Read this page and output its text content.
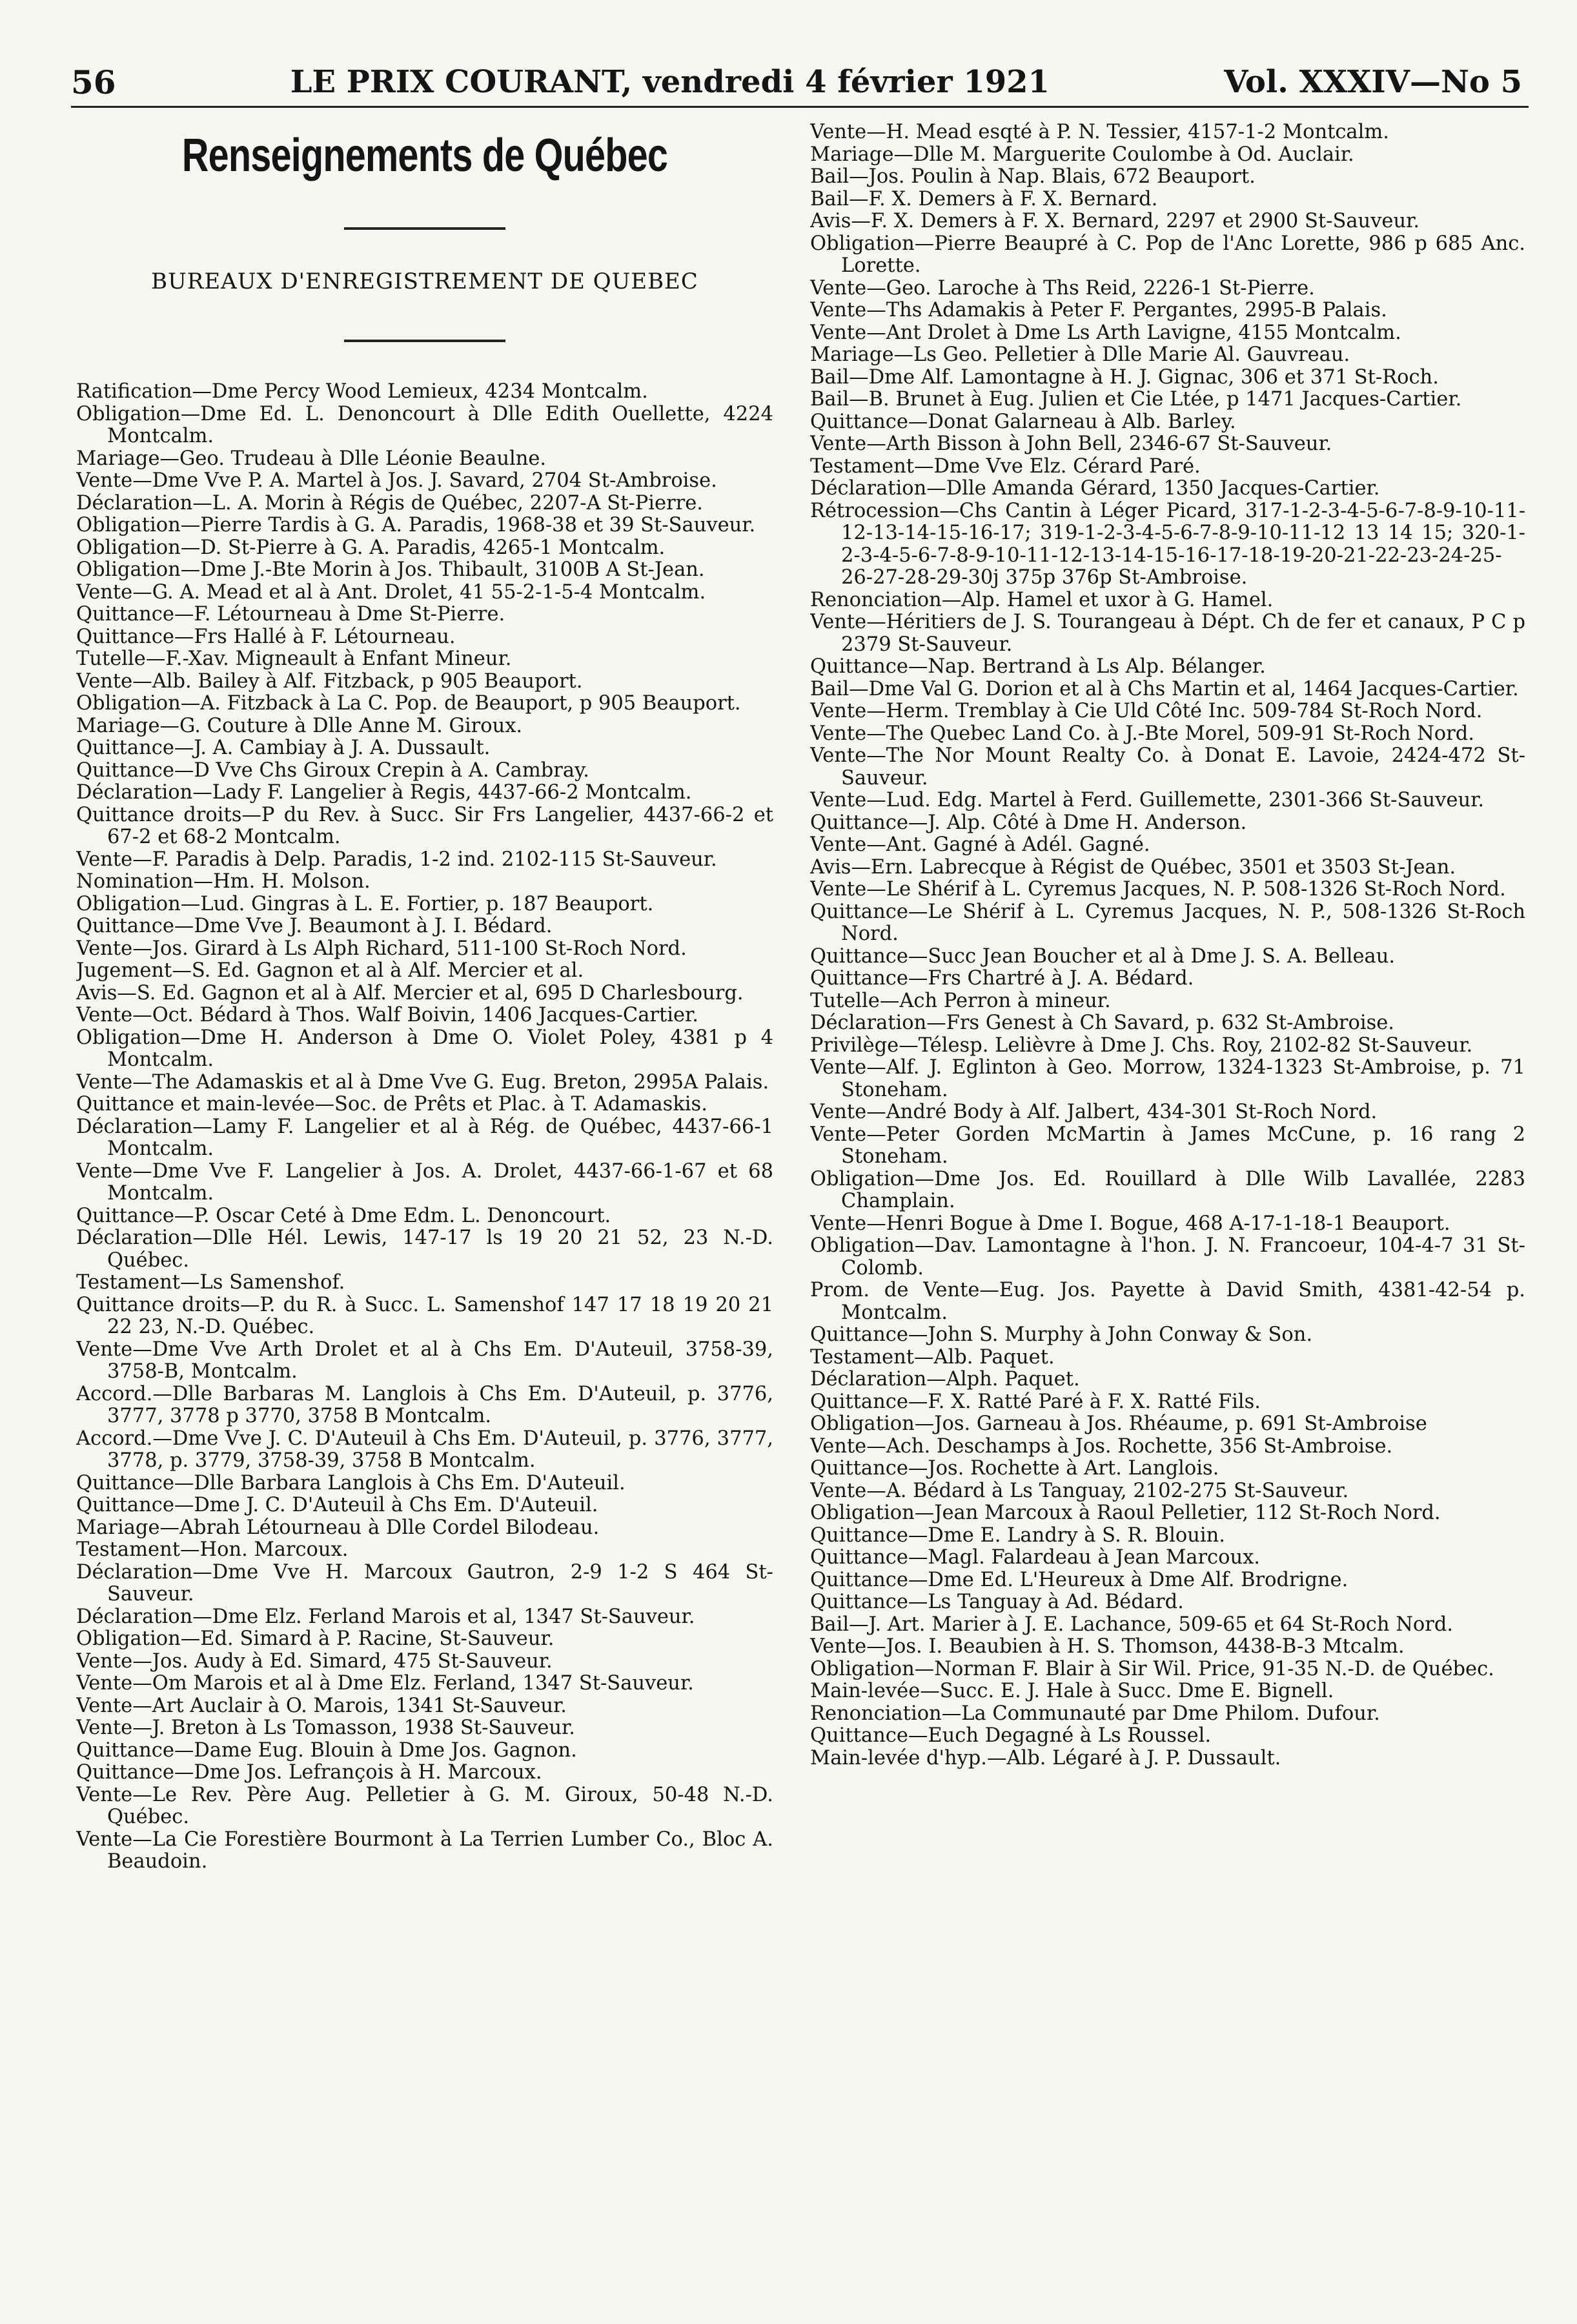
56	LE PRIX COURANT, vendredi 4 février 1921	Vol. XXXIV—No 5
Renseignements de Québec
BUREAUX D'ENREGISTREMENT DE QUEBEC
Ratification—Dme Percy Wood Lemieux, 4234 Montcalm.
Obligation—Dme Ed. L. Denoncourt à Dlle Edith Ouellette, 4224 Montcalm.
Mariage—Geo. Trudeau à Dlle Léonie Beaulne.
Vente—Dme Vve P. A. Martel à Jos. J. Savard, 2704 St-Ambroise.
Déclaration—L. A. Morin à Régis de Québec, 2207-A St-Pierre.
Obligation—Pierre Tardis à G. A. Paradis, 1968-38 et 39 St-Sauveur.
Obligation—D. St-Pierre à G. A. Paradis, 4265-1 Montcalm.
Obligation—Dme J.-Bte Morin à Jos. Thibault, 3100B A St-Jean.
Vente—G. A. Mead et al à Ant. Drolet, 41 55-2-1-5-4 Montcalm.
Quittance—F. Létourneau à Dme St-Pierre.
Quittance—Frs Hallé à F. Létourneau.
Tutelle—F.-Xav. Migneault à Enfant Mineur.
Vente—Alb. Bailey à Alf. Fitzback, p 905 Beauport.
Obligation—A. Fitzback à La C. Pop. de Beauport, p 905 Beauport.
Mariage—G. Couture à Dlle Anne M. Giroux.
Quittance—J. A. Cambiay à J. A. Dussault.
Quittance—D Vve Chs Giroux Crepin à A. Cambray.
Déclaration—Lady F. Langelier à Regis, 4437-66-2 Montcalm.
Quittance droits—P du Rev. à Succ. Sir Frs Langelier, 4437-66-2 et 67-2 et 68-2 Montcalm.
Vente—F. Paradis à Delp. Paradis, 1-2 ind. 2102-115 St-Sauveur.
Nomination—Hm. H. Molson.
Obligation—Lud. Gingras à L. E. Fortier, p. 187 Beauport.
Quittance—Dme Vve J. Beaumont à J. I. Bédard.
Vente—Jos. Girard à Ls Alph Richard, 511-100 St-Roch Nord.
Jugement—S. Ed. Gagnon et al à Alf. Mercier et al.
Avis—S. Ed. Gagnon et al à Alf. Mercier et al, 695 D Charlesbourg.
Vente—Oct. Bédard à Thos. Walf Boivin, 1406 Jacques-Cartier.
Obligation—Dme H. Anderson à Dme O. Violet Poley, 4381 p 4 Montcalm.
Vente—The Adamaskis et al à Dme Vve G. Eug. Breton, 2995A Palais.
Quittance et main-levée—Soc. de Prêts et Plac. à T. Adamaskis.
Déclaration—Lamy F. Langelier et al à Rég. de Québec, 4437-66-1 Montcalm.
Vente—Dme Vve F. Langelier à Jos. A. Drolet, 4437-66-1-67 et 68 Montcalm.
Quittance—P. Oscar Ceté à Dme Edm. L. Denoncourt.
Déclaration—Dlle Hél. Lewis, 147-17 ls 19 20 21 52, 23 N.-D. Québec.
Testament—Ls Samenshof.
Quittance droits—P. du R. à Succ. L. Samenshof 147 17 18 19 20 21 22 23, N.-D. Québec.
Vente—Dme Vve Arth Drolet et al à Chs Em. D'Auteuil, 3758-39, 3758-B, Montcalm.
Accord.—Dlle Barbaras M. Langlois à Chs Em. D'Auteuil, p. 3776, 3777, 3778 p 3770, 3758 B Montcalm.
Accord.—Dme Vve J. C. D'Auteuil à Chs Em. D'Auteuil, p. 3776, 3777, 3778, p. 3779, 3758-39, 3758 B Montcalm.
Quittance—Dlle Barbara Langlois à Chs Em. D'Auteuil.
Quittance—Dme J. C. D'Auteuil à Chs Em. D'Auteuil.
Mariage—Abrah Létourneau à Dlle Cordel Bilodeau.
Testament—Hon. Marcoux.
Déclaration—Dme Vve H. Marcoux Gautron, 2-9 1-2 S 464 St-Sauveur.
Déclaration—Dme Elz. Ferland Marois et al, 1347 St-Sauveur.
Obligation—Ed. Simard à P. Racine, St-Sauveur.
Vente—Jos. Audy à Ed. Simard, 475 St-Sauveur.
Vente—Om Marois et al à Dme Elz. Ferland, 1347 St-Sauveur.
Vente—Art Auclair à O. Marois, 1341 St-Sauveur.
Vente—J. Breton à Ls Tomasson, 1938 St-Sauveur.
Quittance—Dame Eug. Blouin à Dme Jos. Gagnon.
Quittance—Dme Jos. Lefrançois à H. Marcoux.
Vente—Le Rev. Père Aug. Pelletier à G. M. Giroux, 50-48 N.-D. Québec.
Vente—La Cie Forestière Bourmont à La Terrien Lumber Co., Bloc A. Beaudoin.
Vente—H. Mead esqté à P. N. Tessier, 4157-1-2 Montcalm.
Mariage—Dlle M. Marguerite Coulombe à Od. Auclair.
Bail—Jos. Poulin à Nap. Blais, 672 Beauport.
Bail—F. X. Demers à F. X. Bernard.
Avis—F. X. Demers à F. X. Bernard, 2297 et 2900 St-Sauveur.
Obligation—Pierre Beaupré à C. Pop de l'Anc Lorette, 986 p 685 Anc. Lorette.
Vente—Geo. Laroche à Ths Reid, 2226-1 St-Pierre.
Vente—Ths Adamakis à Peter F. Pergantes, 2995-B Palais.
Vente—Ant Drolet à Dme Ls Arth Lavigne, 4155 Montcalm.
Mariage—Ls Geo. Pelletier à Dlle Marie Al. Gauvreau.
Bail—Dme Alf. Lamontagne à H. J. Gignac, 306 et 371 St-Roch.
Bail—B. Brunet à Eug. Julien et Cie Ltée, p 1471 Jacques-Cartier.
Quittance—Donat Galarneau à Alb. Barley.
Vente—Arth Bisson à John Bell, 2346-67 St-Sauveur.
Testament—Dme Vve Elz. Cérard Paré.
Déclaration—Dlle Amanda Gérard, 1350 Jacques-Cartier.
Rétrocession—Chs Cantin à Léger Picard, 317-1-2-3-4-5-6-7-8-9-10-11-12-13-14-15-16-17; 319-1-2-3-4-5-6-7-8-9-10-11-12 13 14 15; 320-1-2-3-4-5-6-7-8-9-10-11-12-13-14-15-16-17-18-19-20-21-22-23-24-25-26-27-28-29-30j 375p 376p St-Ambroise.
Renonciation—Alp. Hamel et uxor à G. Hamel.
Vente—Héritiers de J. S. Tourangeau à Dépt. Ch de fer et canaux, P C p 2379 St-Sauveur.
Quittance—Nap. Bertrand à Ls Alp. Bélanger.
Bail—Dme Val G. Dorion et al à Chs Martin et al, 1464 Jacques-Cartier.
Vente—Herm. Tremblay à Cie Uld Côté Inc. 509-784 St-Roch Nord.
Vente—The Quebec Land Co. à J.-Bte Morel, 509-91 St-Roch Nord.
Vente—The Nor Mount Realty Co. à Donat E. Lavoie, 2424-472 St-Sauveur.
Vente—Lud. Edg. Martel à Ferd. Guillemette, 2301-366 St-Sauveur.
Quittance—J. Alp. Côté à Dme H. Anderson.
Vente—Ant. Gagné à Adél. Gagné.
Avis—Ern. Labrecque à Régist de Québec, 3501 et 3503 St-Jean.
Vente—Le Shérif à L. Cyremus Jacques, N. P. 508-1326 St-Roch Nord.
Quittance—Le Shérif à L. Cyremus Jacques, N. P., 508-1326 St-Roch Nord.
Quittance—Succ Jean Boucher et al à Dme J. S. A. Belleau.
Quittance—Frs Chartré à J. A. Bédard.
Tutelle—Ach Perron à mineur.
Déclaration—Frs Genest à Ch Savard, p. 632 St-Ambroise.
Privilège—Télesp. Lelièvre à Dme J. Chs. Roy, 2102-82 St-Sauveur.
Vente—Alf. J. Eglinton à Geo. Morrow, 1324-1323 St-Ambroise, p. 71 Stoneham.
Vente—André Body à Alf. Jalbert, 434-301 St-Roch Nord.
Vente—Peter Gorden McMartin à James McCune, p. 16 rang 2 Stoneham.
Obligation—Dme Jos. Ed. Rouillard à Dlle Wilb Lavallée, 2283 Champlain.
Vente—Henri Bogue à Dme I. Bogue, 468 A-17-1-18-1 Beauport.
Obligation—Dav. Lamontagne à l'hon. J. N. Francoeur, 104-4-7 31 St-Colomb.
Prom. de Vente—Eug. Jos. Payette à David Smith, 4381-42-54 p. Montcalm.
Quittance—John S. Murphy à John Conway & Son.
Testament—Alb. Paquet.
Déclaration—Alph. Paquet.
Quittance—F. X. Ratté Paré à F. X. Ratté Fils.
Obligation—Jos. Garneau à Jos. Rhéaume, p. 691 St-Ambroise
Vente—Ach. Deschamps à Jos. Rochette, 356 St-Ambroise.
Quittance—Jos. Rochette à Art. Langlois.
Vente—A. Bédard à Ls Tanguay, 2102-275 St-Sauveur.
Obligation—Jean Marcoux à Raoul Pelletier, 112 St-Roch Nord.
Quittance—Dme E. Landry à S. R. Blouin.
Quittance—Magl. Falardeau à Jean Marcoux.
Quittance—Dme Ed. L'Heureux à Dme Alf. Brodrigne.
Quittance—Ls Tanguay à Ad. Bédard.
Bail—J. Art. Marier à J. E. Lachance, 509-65 et 64 St-Roch Nord.
Vente—Jos. I. Beaubien à H. S. Thomson, 4438-B-3 Mtcalm.
Obligation—Norman F. Blair à Sir Wil. Price, 91-35 N.-D. de Québec.
Main-levée—Succ. E. J. Hale à Succ. Dme E. Bignell.
Renonciation—La Communauté par Dme Philom. Dufour.
Quittance—Euch Degagné à Ls Roussel.
Main-levée d'hyp.—Alb. Légaré à J. P. Dussault.
